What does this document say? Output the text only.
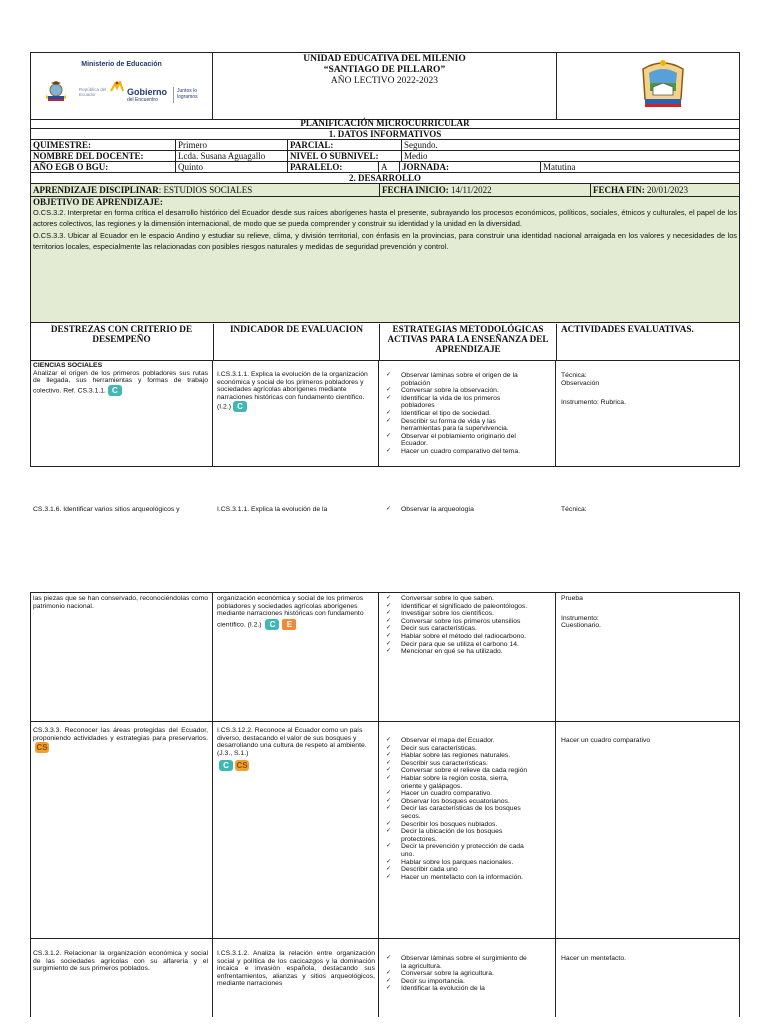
Ministerio de Educación
República del Ecuador	Gobierno
del Encuentro
Juntos lo logramos
UNIDAD EDUCATIVA DEL MILENIO
“SANTIAGO DE PILLARO”
AÑO LECTIVO 2022-2023
PLANIFICACIÓN MICROCURRICULAR
1. DATOS INFORMATIVOS
QUIMESTRE:	Primero	PARCIAL:	Segundo.
NOMBRE DEL DOCENTE:	Lcda. Susana Aguagallo	NIVEL O SUBNIVEL:	Medio
AÑO EGB O BGU:	Quinto	PARALELO:	A	JORNADA:	Matutina
2. DESARROLLO
APRENDIZAJE DISCIPLINAR: ESTUDIOS SOCIALES	FECHA INICIO: 14/11/2022	FECHA FIN: 20/01/2023
OBJETIVO DE APRENDIZAJE:
O.CS.3.2. Interpretar en forma crítica el desarrollo histórico del Ecuador desde sus raíces aborígenes hasta el presente, subrayando los procesos económicos, políticos, sociales, étnicos y culturales, el papel de los actores colectivos, las regiones y la dimensión internacional, de modo que se pueda comprender y construir su identidad y la unidad en la diversidad.
O.CS.3.3. Ubicar al Ecuador en le espacio Andino y estudiar su relieve, clima, y división territorial, con énfasis en la provincias, para construir una identidad nacional arraigada en los valores y necesidades de los territorios locales, especialmente las relacionadas con posibles riesgos naturales y medidas de seguridad prevención y control.
DESTREZAS CON CRITERIO DE DESEMPEÑO
INDICADOR DE EVALUACION	ESTRATEGIAS METODOLÓGICAS ACTIVAS PARA LA ENSEÑANZA DEL APRENDIZAJE
ACTIVIDADES EVALUATIVAS.
CIENCIAS SOCIALES
Analizar el origen de los primeros pobladores sus rutas de llegada, sus herramientas y formas de trabajo colectivo. Ref. CS.3.1.1. C
I.CS.3.1.1. Explica la evolución de la organización económica y social de los primeros pobladores y sociedades agrícolas aborígenes mediante narraciones históricas con fundamento científico. (I.2.) C
✓ Observar láminas sobre el origen de la población
✓ Conversar sobre la observación.
✓ Identificar la vida de los primeros pobladores
✓ Identificar el tipo de sociedad.
✓ Describir su forma de vida y las herramientas para la supervivencia.
✓ Observar el poblamiento originario del Ecuador.
✓ Hacer un cuadro comparativo del tema.
Técnica:
Observación
Instrumento: Rubrica.
CS.3.1.6. Identificar varios sitios arqueológicos y	I.CS.3.1.1. Explica la evolución de la
✓	Observar la arqueología	Técnica:
las piezas que se han conservado, reconociéndolas como patrimonio nacional.
organización económica y social de los primeros pobladores y sociedades agrícolas aborígenes mediante narraciones históricas con fundamento científico. (I.2.) C E
✓ Conversar sobre lo que saben.
✓ Identificar el significado de paleontólogos.
✓ Investigar sobre los científicos.
✓ Conversar sobre los primeros utensilios
✓ Decir sus características.
✓ Hablar sobre el método del radiocarbono.
✓ Decir para que se utiliza el carbono 14.
✓ Mencionar en qué se ha utilizado.
Prueba
Instrumento:
Cuestionario.
CS.3.3.3. Reconocer las áreas protegidas del Ecuador, proponiendo actividades y estrategias para preservarlos.CS
I.CS.3.12.2. Reconoce al Ecuador como un país diverso, destacando el valor de sus bosques y desarrollando una cultura de respeto al ambiente. (J.3., S.1.)
C CS
✓ Observar el mapa del Ecuador.
✓ Decir sus características.
✓ Hablar sobre las regiones naturales.
✓ Describir sus características.
✓ Conversar sobre el relieve da cada región
✓ Hablar sobre la región costa, sierra, oriente y galápagos.
✓ Hacer un cuadro comparativo.
✓ Observar los bosques ecuatorianos.
✓ Decir las características de los bosques secos.
✓ Describir los bosques nublados.
✓ Decir la ubicación de los bosques protectores.
✓ Decir la prevención y protección de cada uno.
✓ Hablar sobre los parques nacionales.
✓ Describir cada uno
✓ Hacer un mentefacto con la información.
Hacer un cuadro comparativo
CS.3.1.2. Relacionar la organización económica y social de las sociedades agrícolas con su alfarería y el surgimiento de sus primeros poblados.
I.CS.3.1.2. Analiza la relación entre organización social y política de los cacicazgos y la dominación incaica e invasión española, destacando sus enfrentamientos, alianzas y sitios arqueológicos, mediante narraciones
✓ Observar láminas sobre el surgimiento de la agricultura.
✓ Conversar sobre la agricultura.
✓ Decir su importancia.
✓ Identificar la evolución de la
Hacer un mentefacto.
